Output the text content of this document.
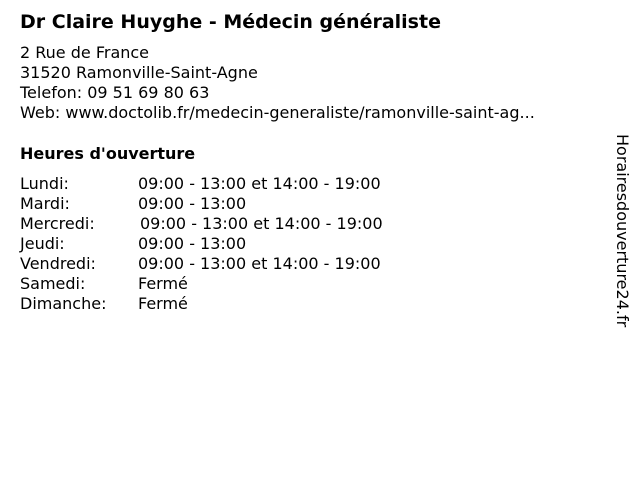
Dr Claire Huyghe - Médecin généraliste
2 Rue de France
31520 Ramonville-Saint-Agne
Telefon: 09 51 69 80 63
Web: www.doctolib.fr/medecin-generaliste/ramonville-saint-ag...
Heures d'ouverture
Lundi:	09:00 - 13:00 et 14:00 - 19:00
Mardi:	09:00 - 13:00
Mercredi:	09:00 - 13:00 et 14:00 - 19:00
Jeudi:	09:00 - 13:00
Vendredi:	09:00 - 13:00 et 14:00 - 19:00
Samedi:	Fermé
Dimanche: Fermé	Horairesdouverture24.fr
